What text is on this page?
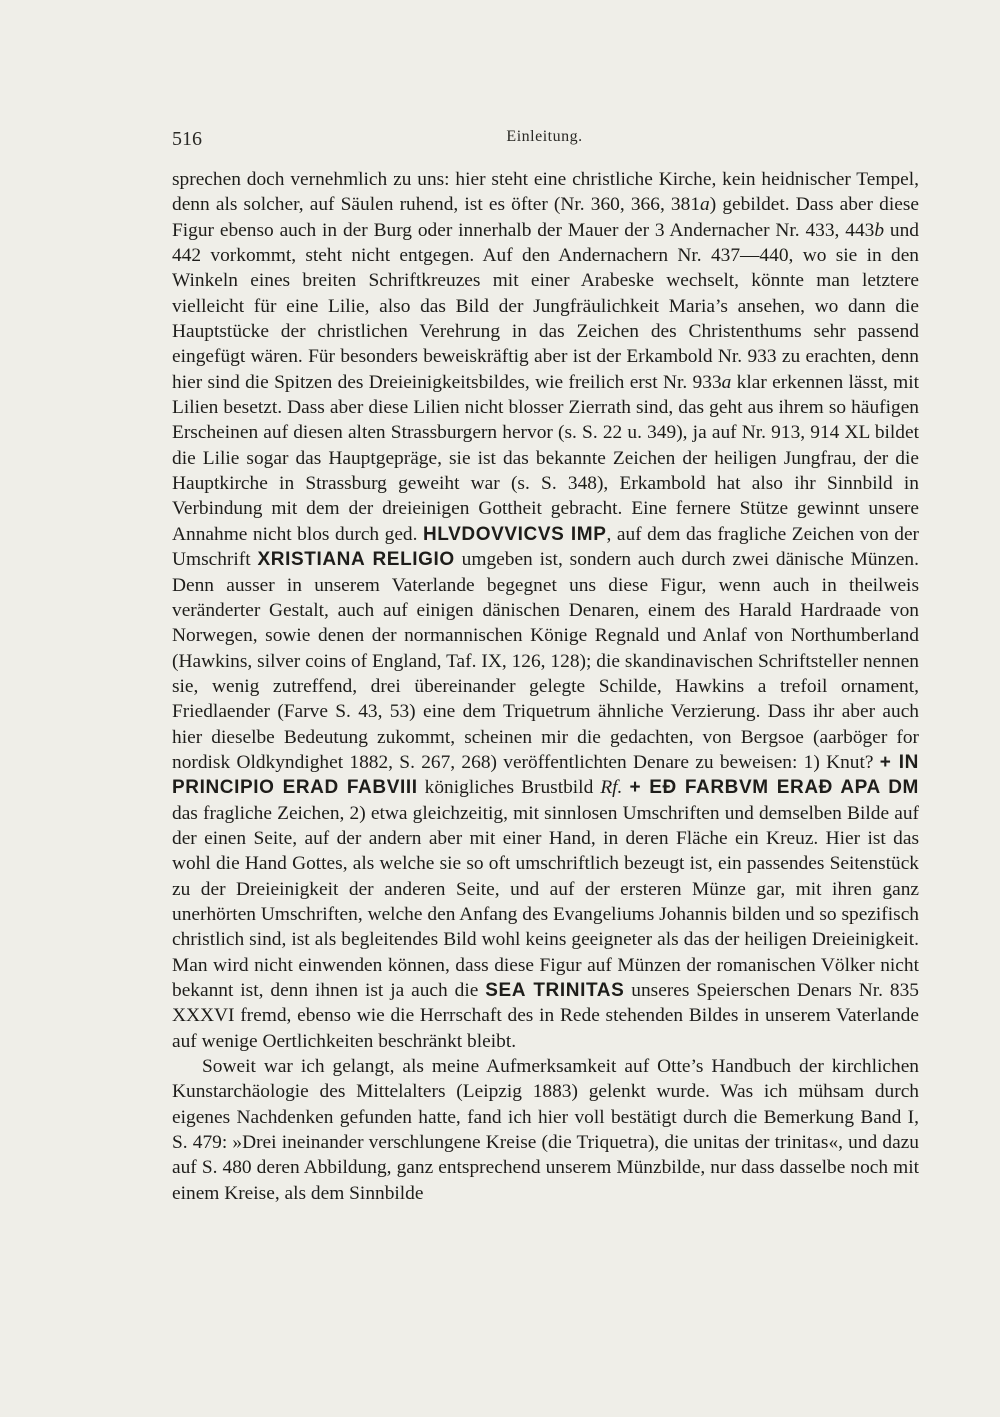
516	Einleitung.

sprechen doch vernehmlich zu uns: hier steht eine christliche Kirche, kein heidnischer Tempel, denn als solcher, auf Säulen ruhend, ist es öfter (Nr. 360, 366, 381a) gebildet. Dass aber diese Figur ebenso auch in der Burg oder innerhalb der Mauer der 3 Andernacher Nr. 433, 443b und 442 vorkommt, steht nicht entgegen. Auf den Andernachern Nr. 437—440, wo sie in den Winkeln eines breiten Schriftkreuzes mit einer Arabeske wechselt, könnte man letztere vielleicht für eine Lilie, also das Bild der Jungfräulichkeit Maria’s ansehen, wo dann die Hauptstücke der christlichen Verehrung in das Zeichen des Christenthums sehr passend eingefügt wären. Für besonders beweiskräftig aber ist der Erkambold Nr. 933 zu erachten, denn hier sind die Spitzen des Dreieinigkeitsbildes, wie freilich erst Nr. 933a klar erkennen lässt, mit Lilien besetzt. Dass aber diese Lilien nicht blosser Zierrath sind, das geht aus ihrem so häufigen Erscheinen auf diesen alten Strassburgern hervor (s. S. 22 u. 349), ja auf Nr. 913, 914 XL bildet die Lilie sogar das Hauptgepräge, sie ist das bekannte Zeichen der heiligen Jungfrau, der die Hauptkirche in Strassburg geweiht war (s. S. 348), Erkambold hat also ihr Sinnbild in Verbindung mit dem der dreieinigen Gottheit gebracht. Eine fernere Stütze gewinnt unsere Annahme nicht blos durch ged. HLVDOVVICVS IMP, auf dem das fragliche Zeichen von der Umschrift XRISTIANA RELIGIO umgeben ist, sondern auch durch zwei dänische Münzen. Denn ausser in unserem Vaterlande begegnet uns diese Figur, wenn auch in theilweis veränderter Gestalt, auch auf einigen dänischen Denaren, einem des Harald Hardraade von Norwegen, sowie denen der normannischen Könige Regnald und Anlaf von Northumberland (Hawkins, silver coins of England, Taf. IX, 126, 128); die skandinavischen Schriftsteller nennen sie, wenig zutreffend, drei übereinander gelegte Schilde, Hawkins a trefoil ornament, Friedlaender (Farve S. 43, 53) eine dem Triquetrum ähnliche Verzierung. Dass ihr aber auch hier dieselbe Bedeutung zukommt, scheinen mir die gedachten, von Bergsoe (aarböger for nordisk Oldkyndighet 1882, S. 267, 268) veröffentlichten Denare zu beweisen: 1) Knut? + IN PRINCIPIO ERAD FABVIII königliches Brustbild Rf. + EÐ FARBVM ERAÐ APA DM das fragliche Zeichen, 2) etwa gleichzeitig, mit sinnlosen Umschriften und demselben Bilde auf der einen Seite, auf der andern aber mit einer Hand, in deren Fläche ein Kreuz. Hier ist das wohl die Hand Gottes, als welche sie so oft umschriftlich bezeugt ist, ein passendes Seitenstück zu der Dreieinigkeit der anderen Seite, und auf der ersteren Münze gar, mit ihren ganz unerhörten Umschriften, welche den Anfang des Evangeliums Johannis bilden und so spezifisch christlich sind, ist als begleitendes Bild wohl keins geeigneter als das der heiligen Dreieinigkeit. Man wird nicht einwenden können, dass diese Figur auf Münzen der romanischen Völker nicht bekannt ist, denn ihnen ist ja auch die SEA TRINITAS unseres Speierschen Denars Nr. 835 XXXVI fremd, ebenso wie die Herrschaft des in Rede stehenden Bildes in unserem Vaterlande auf wenige Oertlichkeiten beschränkt bleibt.

Soweit war ich gelangt, als meine Aufmerksamkeit auf Otte’s Handbuch der kirchlichen Kunstarchäologie des Mittelalters (Leipzig 1883) gelenkt wurde. Was ich mühsam durch eigenes Nachdenken gefunden hatte, fand ich hier voll bestätigt durch die Bemerkung Band I, S. 479: »Drei ineinander verschlungene Kreise (die Triquetra), die unitas der trinitas«, und dazu auf S. 480 deren Abbildung, ganz entsprechend unserem Münzbilde, nur dass dasselbe noch mit einem Kreise, als dem Sinnbilde
